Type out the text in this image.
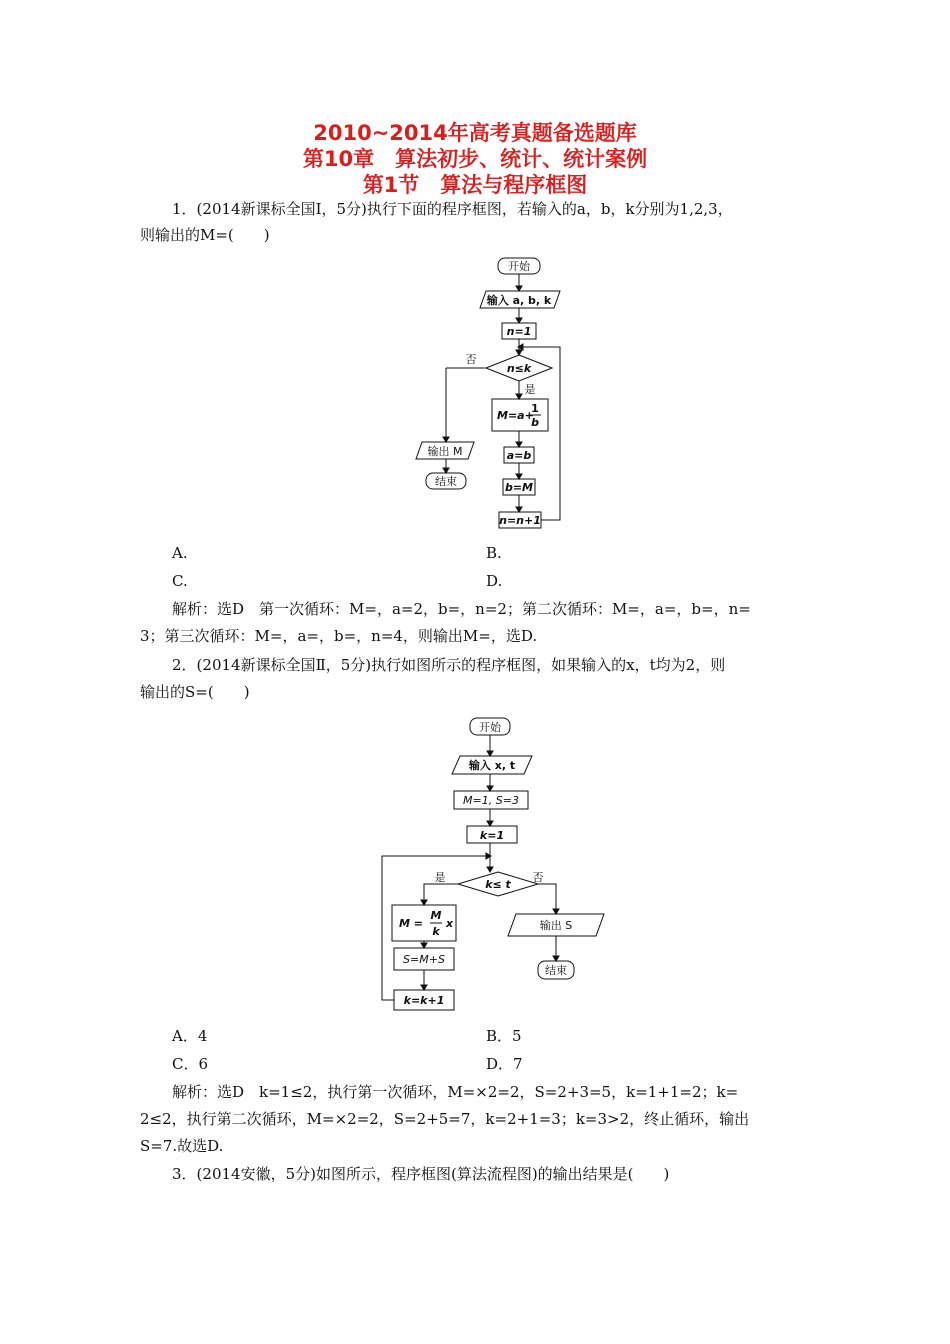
2010~2014年高考真题备选题库
第10章　算法初步、统计、统计案例
第1节　算法与程序框图
1．(2014新课标全国Ⅰ，5分)执行下面的程序框图，若输入的a，b，k分别为1,2,3，
则输出的M=(　　)
开始
输入 a, b, k
n=1
n≤k
否
是
M=a+
1
b
a=b
b=M
n=n+1
输出 M
结束
A.	B.
C.	D.
解析：选D　第一次循环：M=，a=2，b=，n=2；第二次循环：M=，a=，b=，n=
3；第三次循环：M=，a=，b=，n=4，则输出M=，选D.
2．(2014新课标全国Ⅱ，5分)执行如图所示的程序框图，如果输入的x，t均为2，则
输出的S=(　　)
开始
输入 x, t
M=1, S=3
k=1
k≤ t
是	否
M =
M
k
x
S=M+S
k=k+1
输出 S
结束
A．4	B．5
C．6	D．7
解析：选D　k=1≤2，执行第一次循环，M=×2=2，S=2+3=5，k=1+1=2；k=
2≤2，执行第二次循环，M=×2=2，S=2+5=7，k=2+1=3；k=3>2，终止循环，输出
S=7.故选D.
3．(2014安徽，5分)如图所示，程序框图(算法流程图)的输出结果是(　　)
